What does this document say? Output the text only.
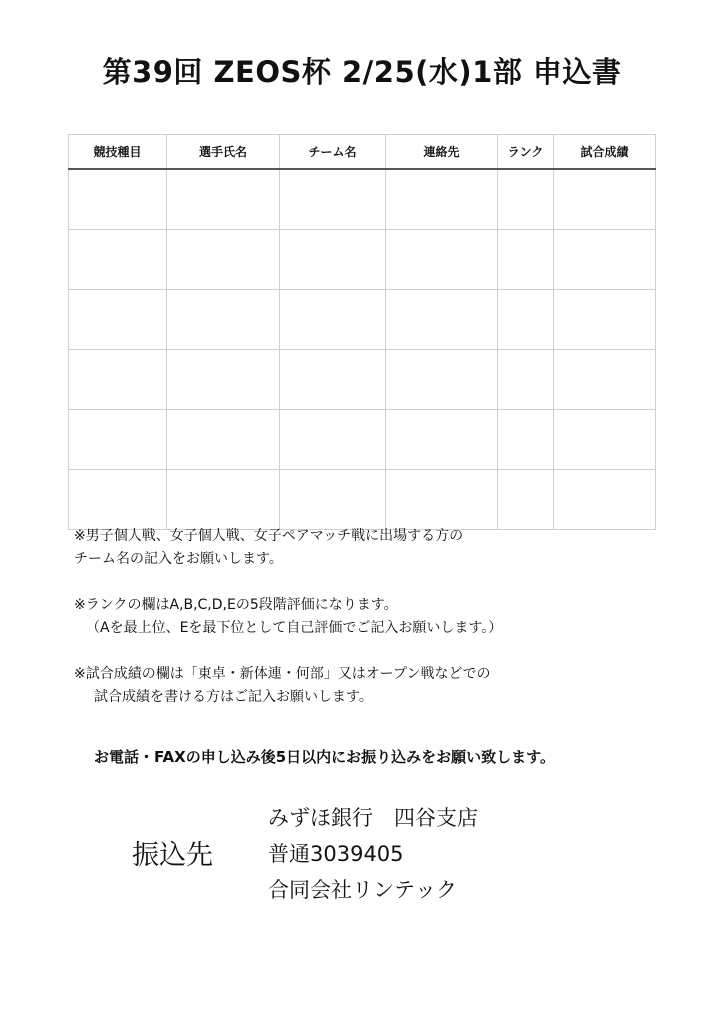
第39回 ZEOS杯 2/25(水)1部 申込書
競技種目	選手氏名	チーム名	連絡先	ランク	試合成績

※男子個人戦、女子個人戦、女子ペアマッチ戦に出場する方の

チーム名の記入をお願いします。

※ランクの欄はA,B,C,D,Eの5段階評価になります。

（Aを最上位、Eを最下位として自己評価でご記入お願いします。）

※試合成績の欄は「東卓・新体連・何部」又はオープン戦などでの

試合成績を書ける方はご記入お願いします。

お電話・FAXの申し込み後5日以内にお振り込みをお願い致します。
振込先

みずほ銀行　四谷支店

普通3039405

合同会社リンテック
